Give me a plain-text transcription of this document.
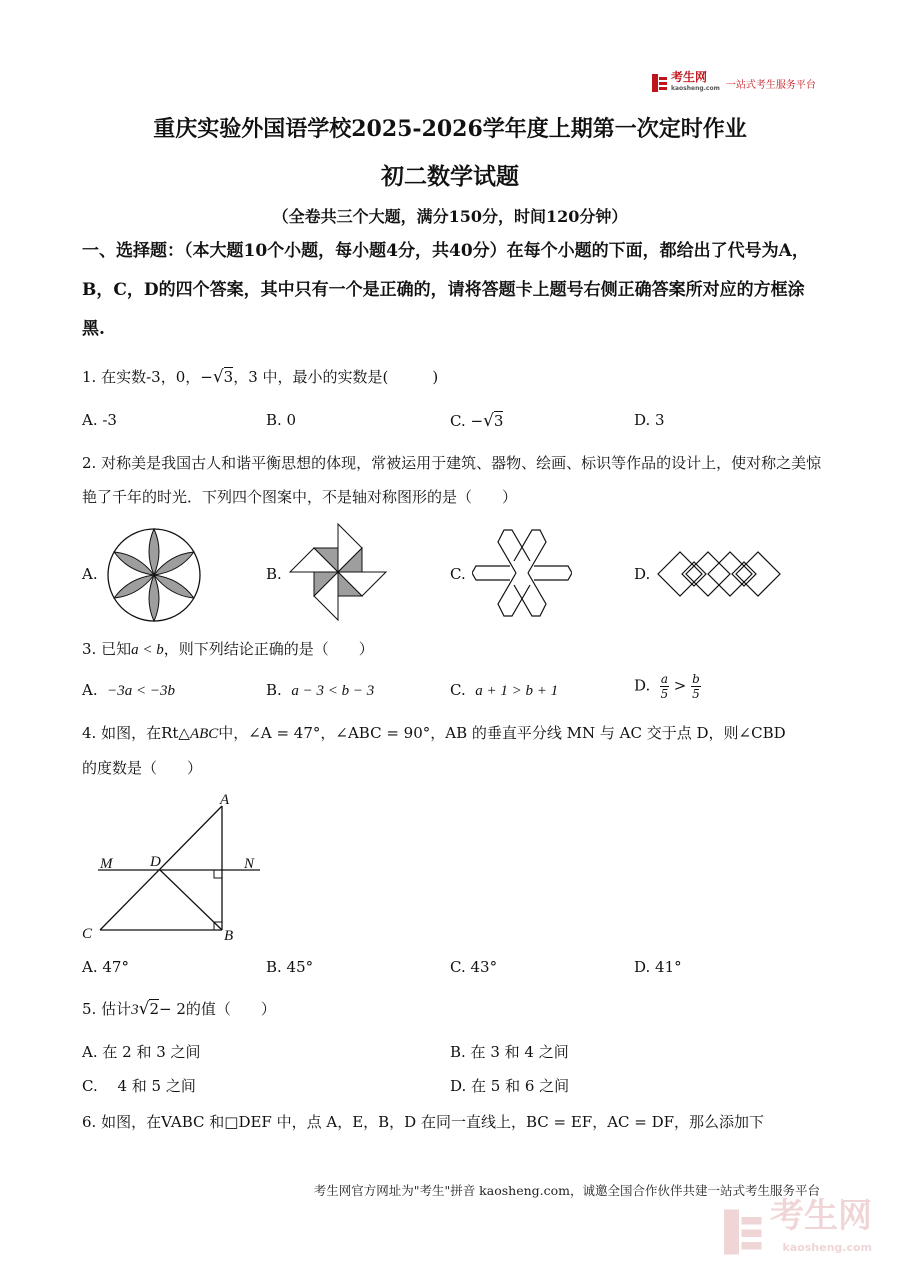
考生网
kaosheng.com 一站式考生服务平台
重庆实验外国语学校2025-2026学年度上期第一次定时作业
初二数学试题
（全卷共三个大题，满分150分，时间120分钟）
一、选择题：（本大题10个小题，每小题4分，共40分）在每个小题的下面，都给出了代号为A，B，C，D的四个答案，其中只有一个是正确的，请将答题卡上题号右侧正确答案所对应的方框涂黑.
1. 在实数-3，0，−√3，3 中，最小的实数是(	)
A. -3	B. 0	C. −√3	D. 3
2. 对称美是我国古人和谐平衡思想的体现，常被运用于建筑、器物、绘画、标识等作品的设计上，使对称之美惊艳了千年的时光．下列四个图案中，不是轴对称图形的是（　　）
A.	B.	C.	D.
3. 已知a < b，则下列结论正确的是（　　）
A. −3a < −3b	B. a − 3 < b − 3	C. a + 1 > b + 1	D. $\frac{a}{5} > \frac{b}{5}$
4. 如图，在Rt△ABC中，∠A = 47°，∠ABC = 90°，AB 的垂直平分线 MN 与 AC 交于点 D，则∠CBD
的度数是（　　）
A
M	D	N
C	B
A. 47°	B. 45°	C. 43°	D. 41°
5. 估计3√2− 2的值（　　）
A. 在 2 和 3 之间	B. 在 3 和 4 之间
C.　 4 和 5 之间	D. 在 5 和 6 之间
6. 如图，在VABC 和□DEF 中，点 A，E，B，D 在同一直线上，BC = EF，AC = DF，那么添加下
考生网官方网址为"考生"拼音 kaosheng.com，诚邀全国合作伙伴共建一站式考生服务平台
考生网
kaosheng.com
